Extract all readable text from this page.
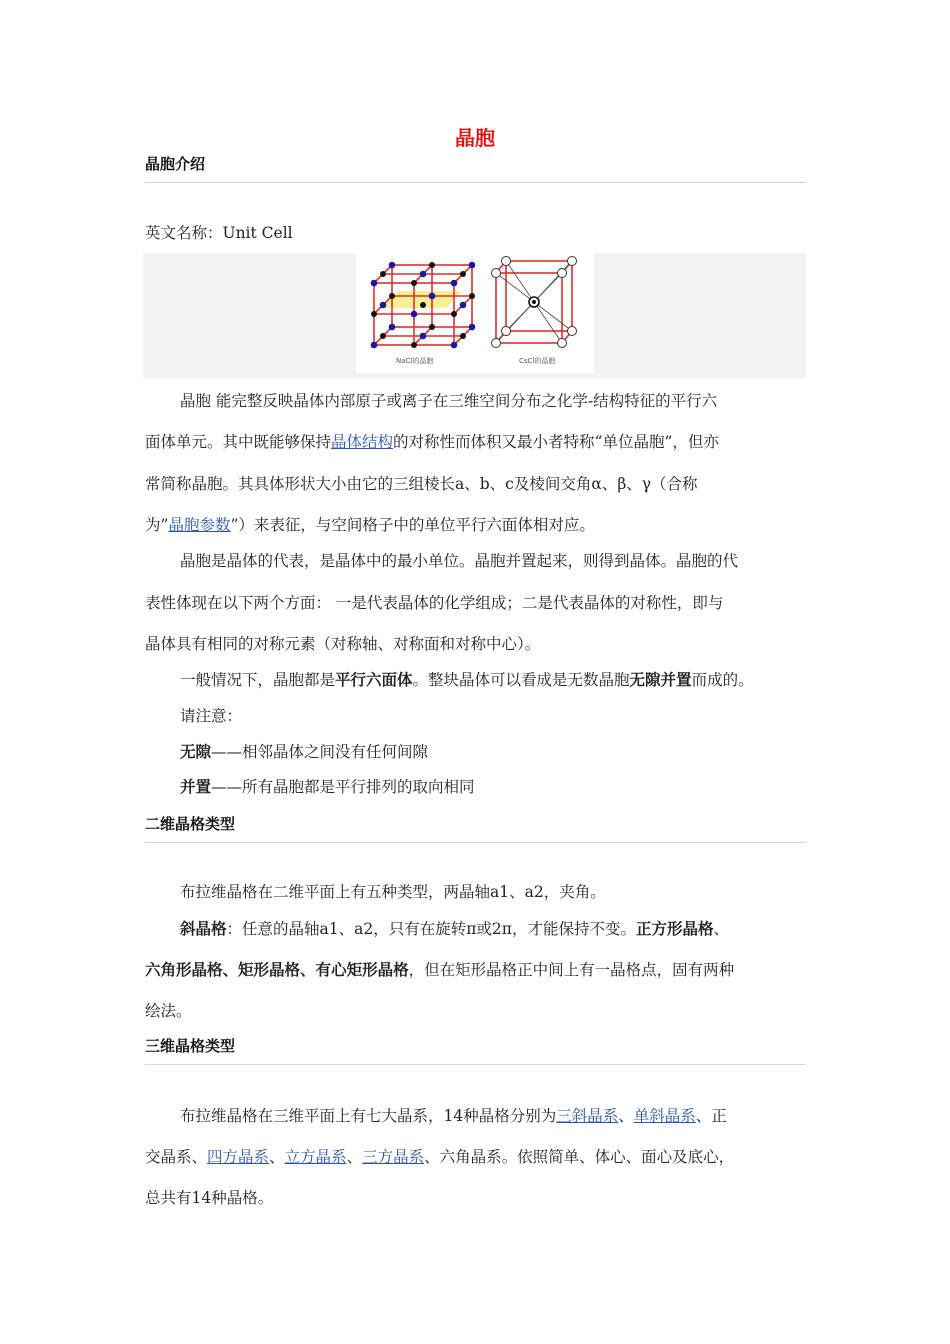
晶胞
晶胞介绍
英文名称：Unit Cell
NaCl的晶胞	CsCl的晶胞
晶胞 能完整反映晶体内部原子或离子在三维空间分布之化学-结构特征的平行六
面体单元。其中既能够保持晶体结构的对称性而体积又最小者特称“单位晶胞”，但亦
常简称晶胞。其具体形状大小由它的三组棱长a、b、c及棱间交角α、β、γ（合称
为”晶胞参数”）来表征，与空间格子中的单位平行六面体相对应。
晶胞是晶体的代表，是晶体中的最小单位。晶胞并置起来，则得到晶体。晶胞的代
表性体现在以下两个方面： 一是代表晶体的化学组成；二是代表晶体的对称性，即与
晶体具有相同的对称元素（对称轴、对称面和对称中心）。
一般情况下，晶胞都是平行六面体。整块晶体可以看成是无数晶胞无隙并置而成的。
请注意：
无隙——相邻晶体之间没有任何间隙
并置——所有晶胞都是平行排列的取向相同
二维晶格类型
布拉维晶格在二维平面上有五种类型，两晶轴a1、a2，夹角。
斜晶格：任意的晶轴a1、a2，只有在旋转π或2π，才能保持不变。正方形晶格、
六角形晶格、矩形晶格、有心矩形晶格，但在矩形晶格正中间上有一晶格点，固有两种
绘法。
三维晶格类型
布拉维晶格在三维平面上有七大晶系，14种晶格分别为三斜晶系、单斜晶系、正
交晶系、四方晶系、立方晶系、三方晶系、六角晶系。依照简单、体心、面心及底心，
总共有14种晶格。
